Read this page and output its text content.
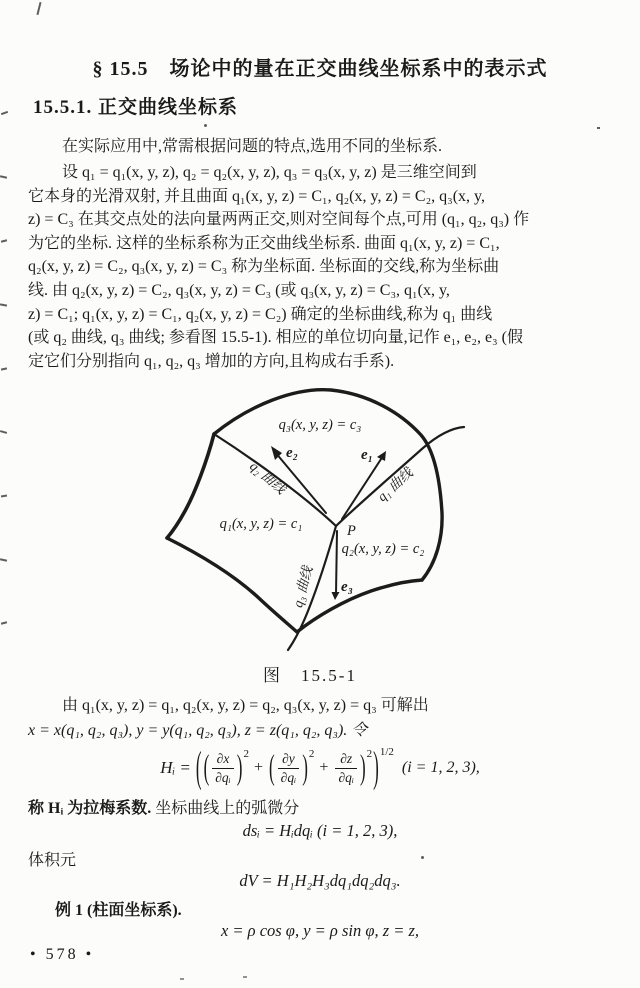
§ 15.5　场论中的量在正交曲线坐标系中的表示式
15.5.1. 正交曲线坐标系
在实际应用中,常需根据问题的特点,选用不同的坐标系.
设 q₁ = q₁(x, y, z), q₂ = q₂(x, y, z), q₃ = q₃(x, y, z) 是三维空间到
它本身的光滑双射, 并且曲面 q₁(x, y, z) = C₁, q₂(x, y, z) = C₂, q₃(x, y,
z) = C₃ 在其交点处的法向量两两正交,则对空间每个点,可用 (q₁, q₂, q₃) 作
为它的坐标. 这样的坐标系称为正交曲线坐标系. 曲面 q₁(x, y, z) = C₁,
q₂(x, y, z) = C₂, q₃(x, y, z) = C₃ 称为坐标面. 坐标面的交线,称为坐标曲
线. 由 q₂(x, y, z) = C₂, q₃(x, y, z) = C₃ (或 q₃(x, y, z) = C₃, q₁(x, y,
z) = C₁; q₁(x, y, z) = C₁, q₂(x, y, z) = C₂) 确定的坐标曲线,称为 q₁ 曲线
(或 q₂ 曲线, q₃ 曲线; 参看图 15.5-1). 相应的单位切向量,记作 e₁, e₂, e₃ (假
定它们分别指向 q₁, q₂, q₃ 增加的方向,且构成右手系).
q₃(x, y, z) = c₃
q₁(x, y, z) = c₁
q₂(x, y, z) = c₂
q₂ 曲线	q₁ 曲线
q₃ 曲线
e₂	e₁
e₃
P
图　15.5-1
由 q₁(x, y, z) = q₁, q₂(x, y, z) = q₂, q₃(x, y, z) = q₃ 可解出
x = x(q₁, q₂, q₃), y = y(q₁, q₂, q₃), z = z(q₁, q₂, q₃). 令
Hᵢ = ( ( $\frac{\partial x}{\text{∂qᵢ}}$ ) 2
+ ( $\frac{\partial y}{\text{∂qᵢ}}$ ) 2
+ $\frac{\partial z}{\text{∂qᵢ}}$ ) 2 ) 1/2
(i = 1, 2, 3),
称 Hᵢ 为拉梅系数. 坐标曲线上的弧微分
dsᵢ = Hᵢdqᵢ (i = 1, 2, 3),
体积元
dV = H₁H₂H₃dq₁dq₂dq₃.
例 1 (柱面坐标系).
x = ρ cos φ, y = ρ sin φ, z = z,
• 578 •
